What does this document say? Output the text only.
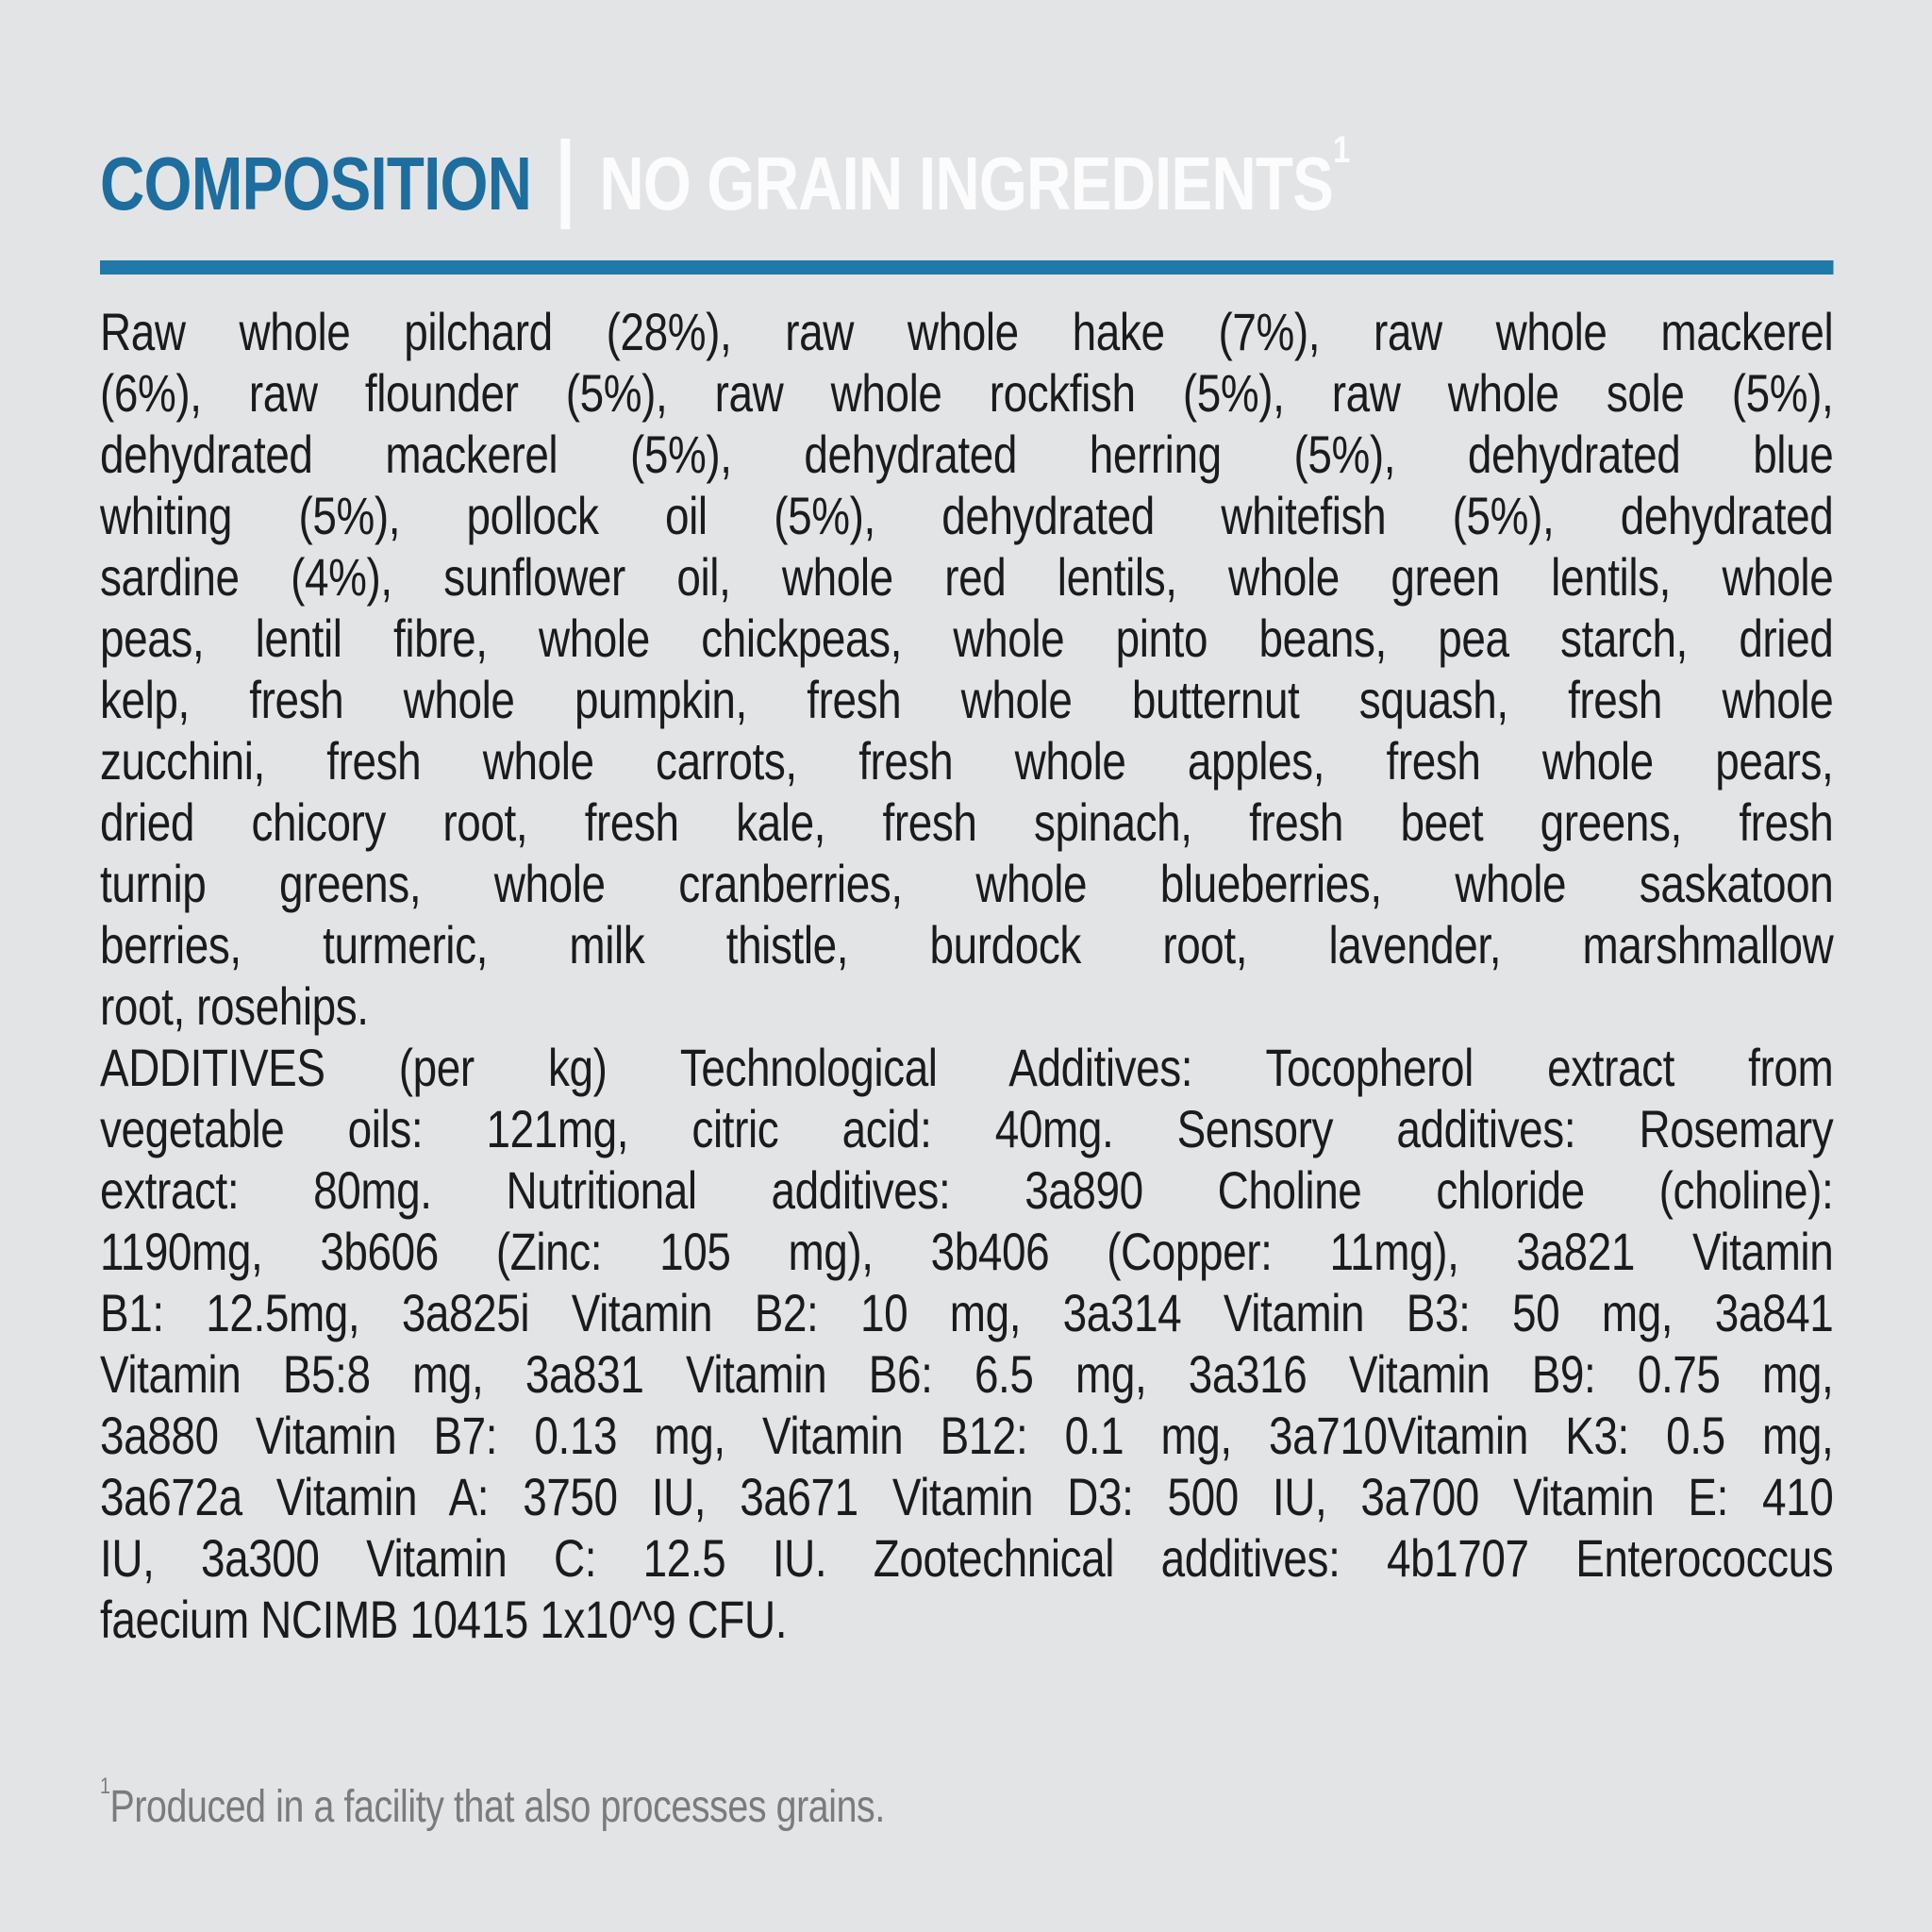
COMPOSITION NO GRAIN INGREDIENTS$^1$
Raw whole pilchard (28%), raw whole hake (7%), raw whole mackerel
(6%), raw flounder (5%), raw whole rockfish (5%), raw whole sole (5%),
dehydrated mackerel (5%), dehydrated herring (5%), dehydrated blue
whiting (5%), pollock oil (5%), dehydrated whitefish (5%), dehydrated
sardine (4%), sunflower oil, whole red lentils, whole green lentils, whole
peas, lentil fibre, whole chickpeas, whole pinto beans, pea starch, dried
kelp, fresh whole pumpkin, fresh whole butternut squash, fresh whole
zucchini, fresh whole carrots, fresh whole apples, fresh whole pears,
dried chicory root, fresh kale, fresh spinach, fresh beet greens, fresh
turnip greens, whole cranberries, whole blueberries, whole saskatoon
berries, turmeric, milk thistle, burdock root, lavender, marshmallow
root, rosehips.
ADDITIVES (per kg) Technological Additives: Tocopherol extract from
vegetable oils: 121mg, citric acid: 40mg. Sensory additives: Rosemary
extract: 80mg. Nutritional additives: 3a890 Choline chloride (choline):
1190mg, 3b606 (Zinc: 105 mg), 3b406 (Copper: 11mg), 3a821 Vitamin
B1: 12.5mg, 3a825i Vitamin B2: 10 mg, 3a314 Vitamin B3: 50 mg, 3a841
Vitamin B5:8 mg, 3a831 Vitamin B6: 6.5 mg, 3a316 Vitamin B9: 0.75 mg,
3a880 Vitamin B7: 0.13 mg, Vitamin B12: 0.1 mg, 3a710Vitamin K3: 0.5 mg,
3a672a Vitamin A: 3750 IU, 3a671 Vitamin D3: 500 IU, 3a700 Vitamin E: 410
IU, 3a300 Vitamin C: 12.5 IU. Zootechnical additives: 4b1707 Enterococcus
faecium NCIMB 10415 1x10^9 CFU.
$^1$Produced in a facility that also processes grains.
